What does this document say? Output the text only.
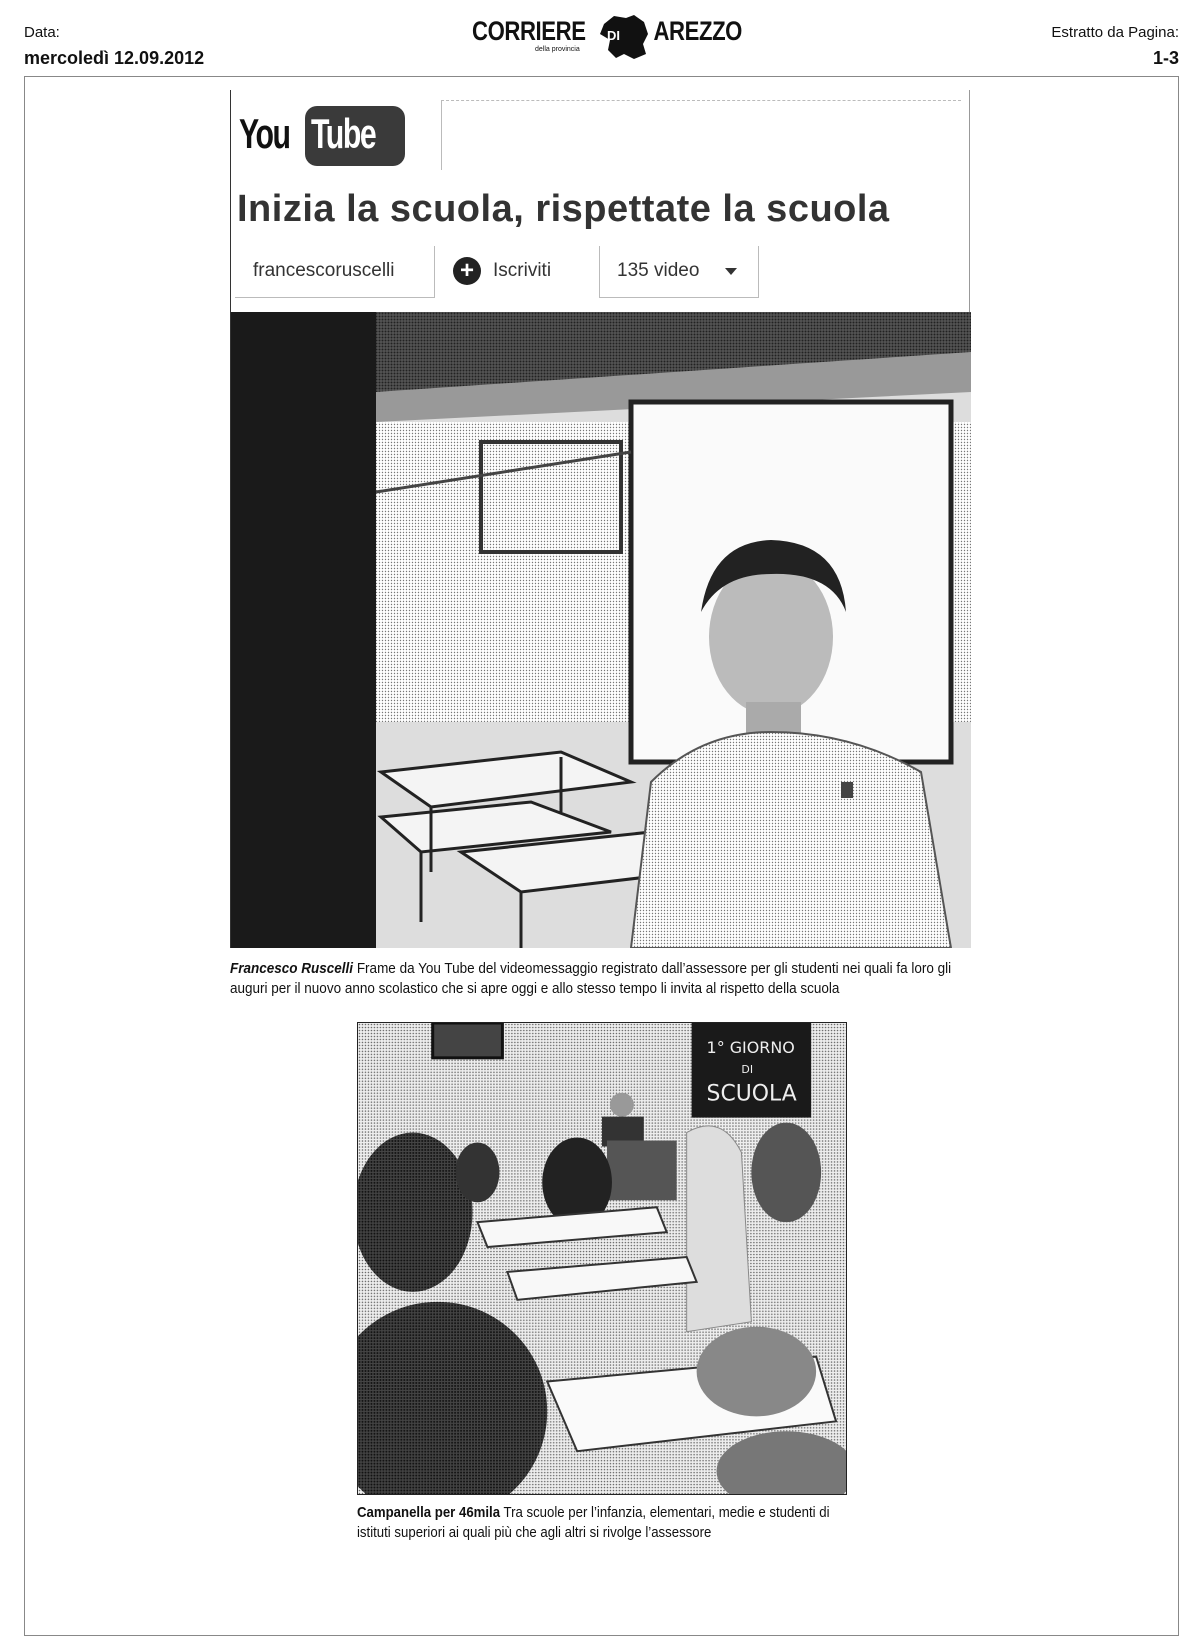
Data:
mercoledì 12.09.2012
Estratto da Pagina:
1-3
CORRIERE DI AREZZO
della provincia
You Tube
Inizia la scuola, rispettate la scuola
francescoruscelli	+	Iscriviti	135 video
Francesco Ruscelli Frame da You Tube del videomessaggio registrato dall’assessore per gli studenti nei quali fa loro gli auguri per il nuovo anno scolastico che si apre oggi e allo stesso tempo li invita al rispetto della scuola
1° GIORNO
DI
SCUOLA
Campanella per 46mila Tra scuole per l’infanzia, elementari, medie e studenti di istituti superiori ai quali più che agli altri si rivolge l’assessore
